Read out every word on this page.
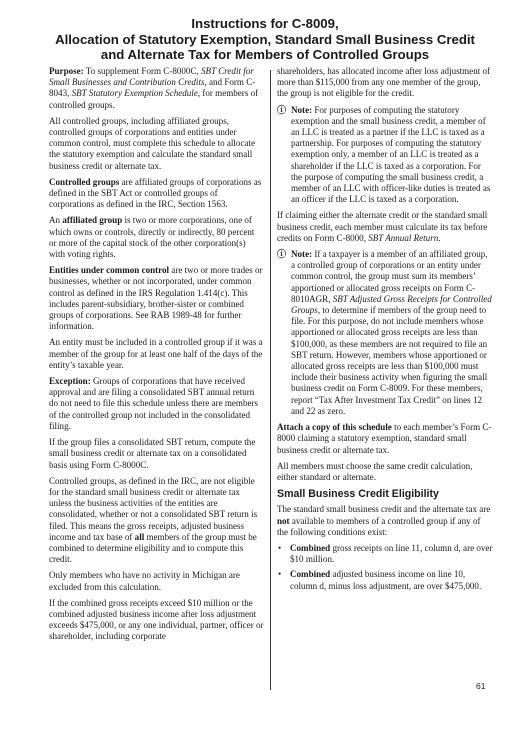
Instructions for C-8009,
Allocation of Statutory Exemption, Standard Small Business Credit
and Alternate Tax for Members of Controlled Groups

Purpose: To supplement Form C-8000C, SBT Credit for Small Businesses and Contribution Credits, and Form C-8043, SBT Statutory Exemption Schedule, for members of controlled groups.

All controlled groups, including affiliated groups, controlled groups of corporations and entities under common control, must complete this schedule to allocate the statutory exemption and calculate the standard small business credit or alternate tax.

Controlled groups are affiliated groups of corporations as defined in the SBT Act or controlled groups of corporations as defined in the IRC, Section 1563.

An affiliated group is two or more corporations, one of which owns or controls, directly or indirectly, 80 percent or more of the capital stock of the other corporation(s) with voting rights.

Entities under common control are two or more trades or businesses, whether or not incorporated, under common control as defined in the IRS Regulation 1.414(c). This includes parent-subsidiary, brother-sister or combined groups of corporations. See RAB 1989-48 for further information.

An entity must be included in a controlled group if it was a member of the group for at least one half of the days of the entity’s taxable year.

Exception: Groups of corporations that have received approval and are filing a consolidated SBT annual return do not need to file this schedule unless there are members of the controlled group not included in the consolidated filing.

If the group files a consolidated SBT return, compute the small business credit or alternate tax on a consolidated basis using Form C-8000C.

Controlled groups, as defined in the IRC, are not eligible for the standard small business credit or alternate tax unless the business activities of the entities are consolidated, whether or not a consolidated SBT return is filed. This means the gross receipts, adjusted business income and tax base of all members of the group must be combined to determine eligibility and to compute this credit.

Only members who have no activity in Michigan are excluded from this calculation.

If the combined gross receipts exceed $10 million or the combined adjusted business income after loss adjustment exceeds $475,000, or any one individual, partner, officer or shareholder, including corporate

shareholders, has allocated income after loss adjustment of more than $115,000 from any one member of the group, the group is not eligible for the credit.

ⓘ Note: For purposes of computing the statutory exemption and the small business credit, a member of an LLC is treated as a partner if the LLC is taxed as a partnership. For purposes of computing the statutory exemption only, a member of an LLC is treated as a shareholder if the LLC is taxed as a corporation. For the purpose of computing the small business credit, a member of an LLC with officer-like duties is treated as an officer if the LLC is taxed as a corporation.

If claiming either the alternate credit or the standard small business credit, each member must calculate its tax before credits on Form C-8000, SBT Annual Return.

ⓘ Note: If a taxpayer is a member of an affiliated group, a controlled group of corporations or an entity under common control, the group must sum its members’ apportioned or allocated gross receipts on Form C-8010AGR, SBT Adjusted Gross Receipts for Controlled Groups, to determine if members of the group need to file. For this purpose, do not include members whose apportioned or allocated gross receipts are less than $100,000, as these members are not required to file an SBT return. However, members whose apportioned or allocated gross receipts are less than $100,000 must include their business activity when figuring the small business credit on Form C-8009. For these members, report “Tax After Investment Tax Credit” on lines 12 and 22 as zero.

Attach a copy of this schedule to each member’s Form C-8000 claiming a statutory exemption, standard small business credit or alternate tax.

All members must choose the same credit calculation, either standard or alternate.

Small Business Credit Eligibility

The standard small business credit and the alternate tax are not available to members of a controlled group if any of the following conditions exist:

• Combined gross receipts on line 11, column d, are over $10 million.
• Combined adjusted business income on line 10, column d, minus loss adjustment, are over $475,000.
61
